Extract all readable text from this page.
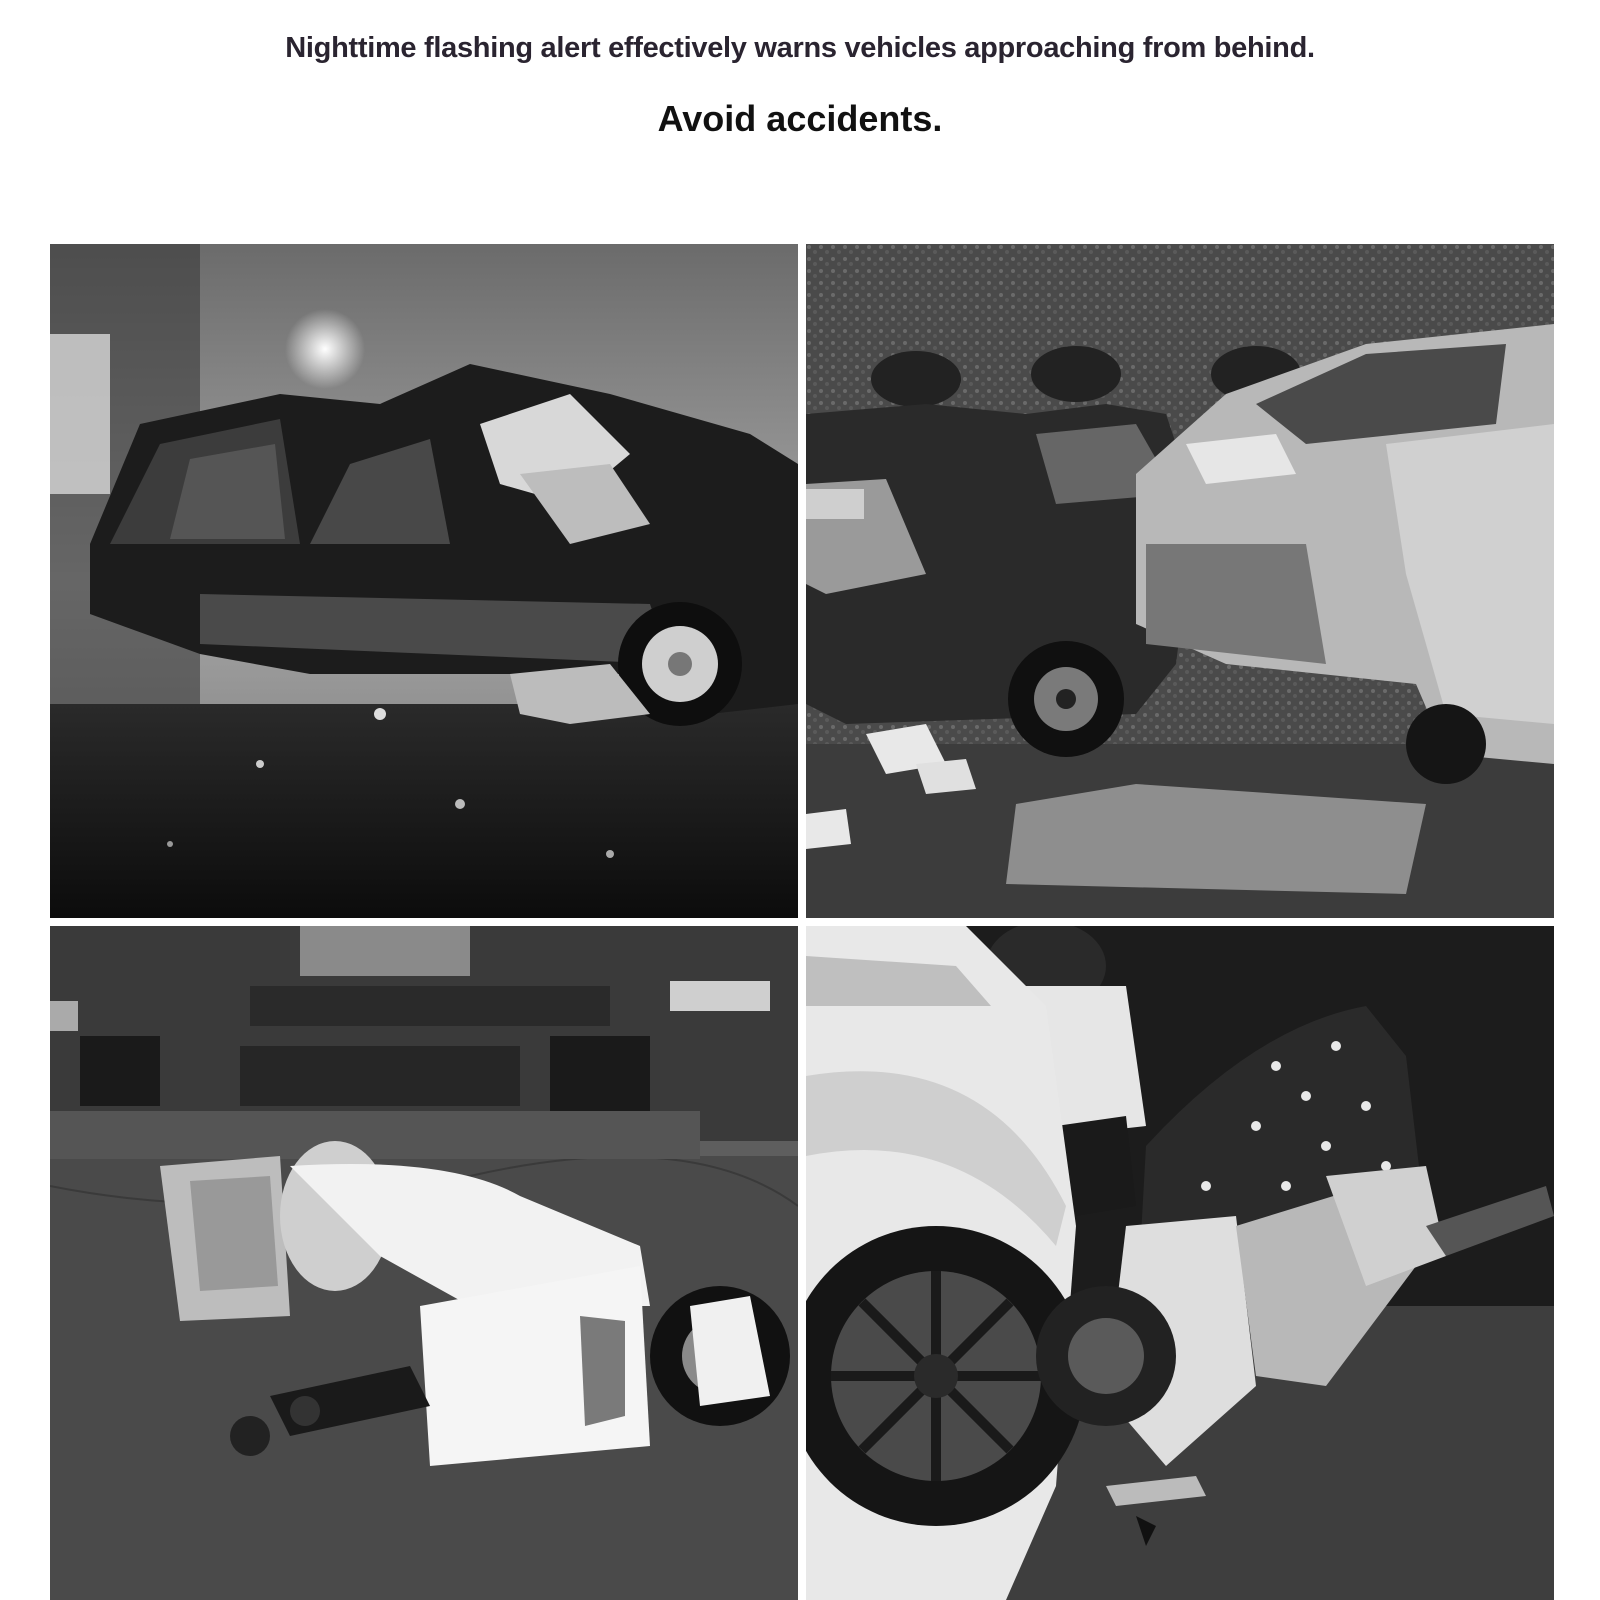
Nighttime flashing alert effectively warns vehicles approaching from behind.
Avoid accidents.
